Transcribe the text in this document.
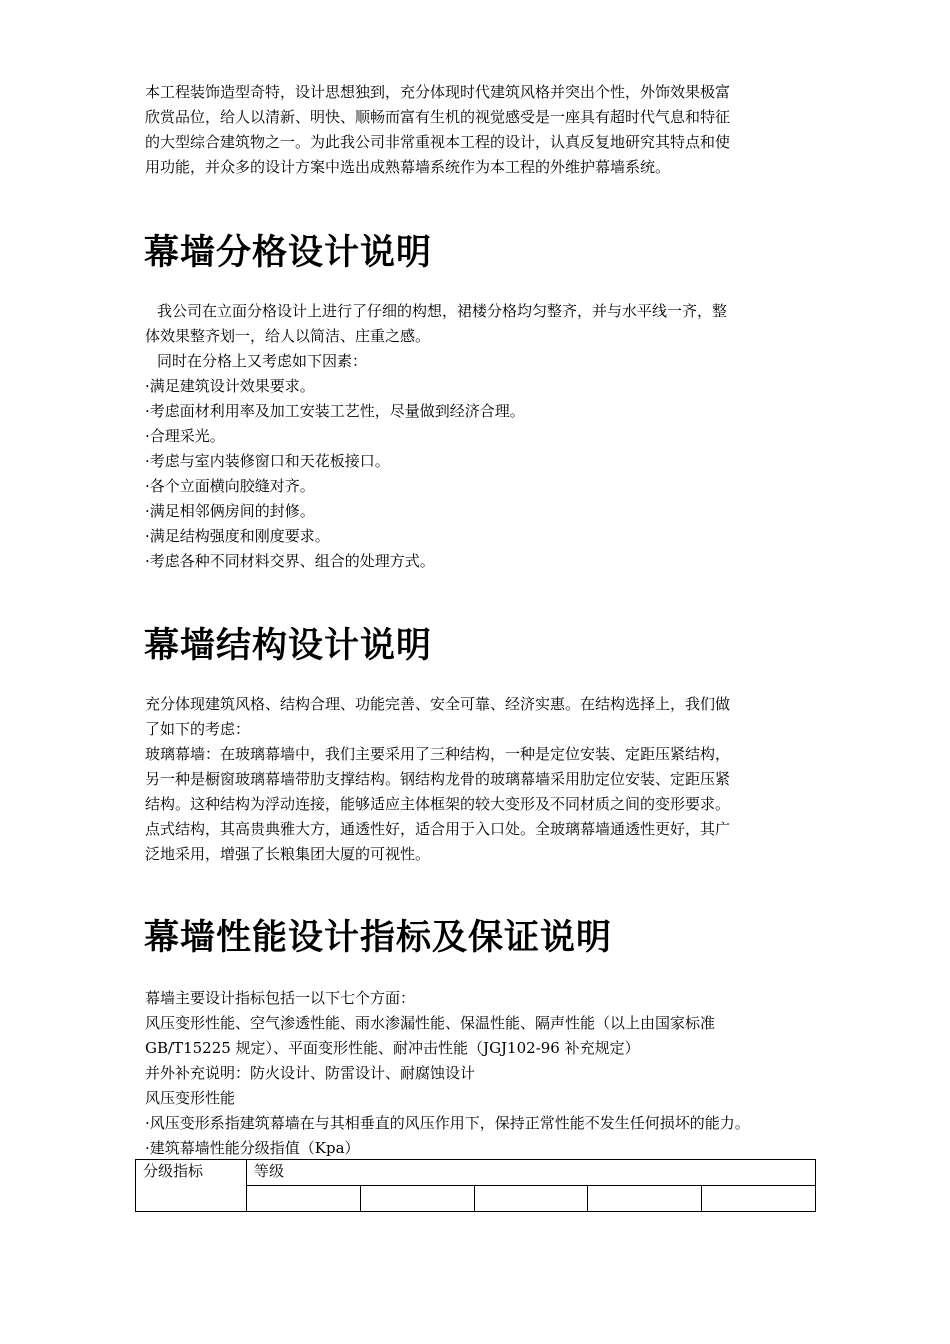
本工程装饰造型奇特，设计思想独到，充分体现时代建筑风格并突出个性，外饰效果极富
欣赏品位，给人以清新、明快、顺畅而富有生机的视觉感受是一座具有超时代气息和特征
的大型综合建筑物之一。为此我公司非常重视本工程的设计，认真反复地研究其特点和使
用功能，并众多的设计方案中选出成熟幕墙系统作为本工程的外维护幕墙系统。
幕墙分格设计说明
我公司在立面分格设计上进行了仔细的构想，裙楼分格均匀整齐，并与水平线一齐，整
体效果整齐划一，给人以简洁、庄重之感。
同时在分格上又考虑如下因素：
·满足建筑设计效果要求。
·考虑面材利用率及加工安装工艺性，尽量做到经济合理。
·合理采光。
·考虑与室内装修窗口和天花板接口。
·各个立面横向胶缝对齐。
·满足相邻俩房间的封修。
·满足结构强度和刚度要求。
·考虑各种不同材料交界、组合的处理方式。
幕墙结构设计说明
充分体现建筑风格、结构合理、功能完善、安全可靠、经济实惠。在结构选择上，我们做
了如下的考虑：
玻璃幕墙：在玻璃幕墙中，我们主要采用了三种结构，一种是定位安装、定距压紧结构，
另一种是橱窗玻璃幕墙带肋支撑结构。钢结构龙骨的玻璃幕墙采用肋定位安装、定距压紧
结构。这种结构为浮动连接，能够适应主体框架的较大变形及不同材质之间的变形要求。
点式结构，其高贵典雅大方，通透性好，适合用于入口处。全玻璃幕墙通透性更好，其广
泛地采用，增强了长粮集团大厦的可视性。
幕墙性能设计指标及保证说明
幕墙主要设计指标包括一以下七个方面：
风压变形性能、空气渗透性能、雨水渗漏性能、保温性能、隔声性能（以上由国家标准
GB/T15225 规定）、平面变形性能、耐冲击性能（JGJ102-96 补充规定）
并外补充说明：防火设计、防雷设计、耐腐蚀设计
风压变形性能
·风压变形系指建筑幕墙在与其相垂直的风压作用下，保持正常性能不发生任何损坏的能力。
·建筑幕墙性能分级指值（Kpa）
分级指标	等级				
